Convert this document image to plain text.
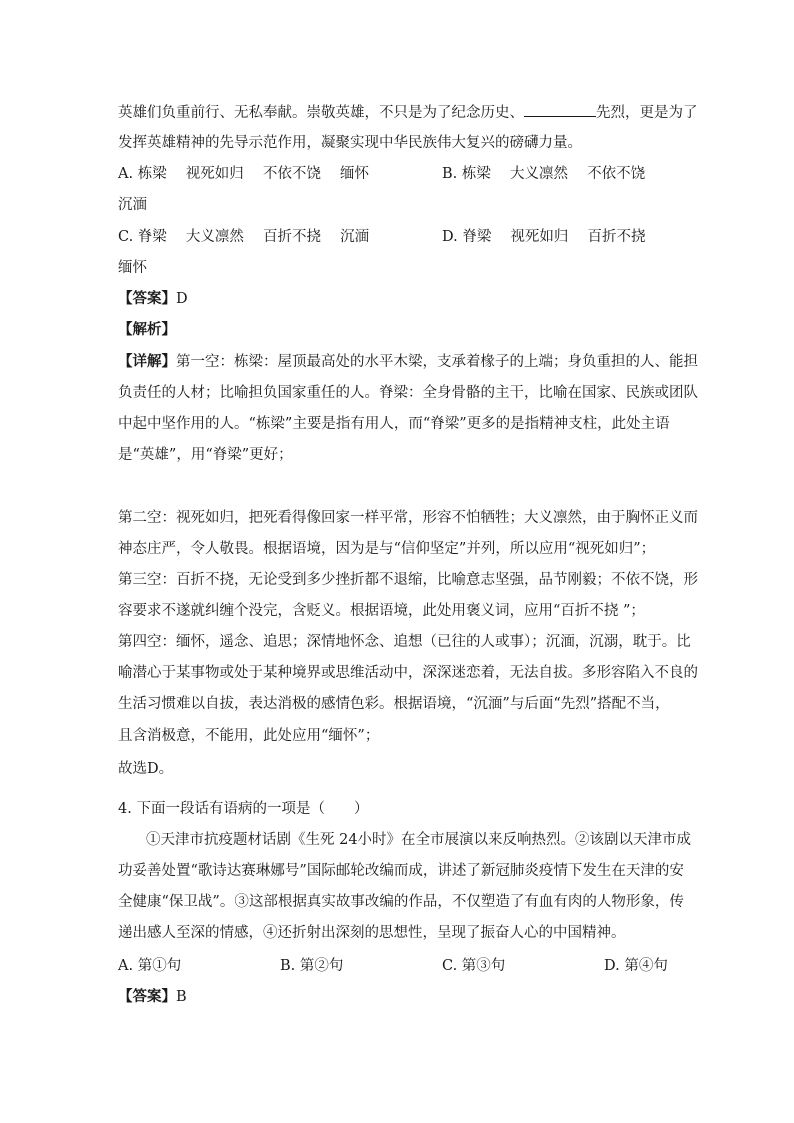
英雄们负重前行、无私奉献。崇敬英雄，不只是为了纪念历史、	先烈，更是为了
发挥英雄精神的先导示范作用，凝聚实现中华民族伟大复兴的磅礴力量。
A. 栋梁　 视死如归　 不依不饶　 缅怀	B. 栋梁　 大义凛然　 不依不饶
沉湎
C. 脊梁　 大义凛然　 百折不挠　 沉湎	D. 脊梁　 视死如归　 百折不挠
缅怀
【答案】D
【解析】
【详解】第一空：栋梁：屋顶最高处的水平木梁，支承着椽子的上端；身负重担的人、能担
负责任的人材；比喻担负国家重任的人。脊梁：全身骨骼的主干，比喻在国家、民族或团队
中起中坚作用的人。“栋梁”主要是指有用人，而“脊梁”更多的是指精神支柱，此处主语
是“英雄”，用“脊梁”更好；
第二空：视死如归，把死看得像回家一样平常，形容不怕牺牲；大义凛然，由于胸怀正义而
神态庄严，令人敬畏。根据语境，因为是与“信仰坚定”并列，所以应用“视死如归”；
第三空：百折不挠，无论受到多少挫折都不退缩，比喻意志坚强，品节刚毅；不依不饶，形
容要求不遂就纠缠个没完，含贬义。根据语境，此处用褒义词，应用“百折不挠 ”；
第四空：缅怀，遥念、追思；深情地怀念、追想（已往的人或事）；沉湎，沉溺，耽于。比
喻潜心于某事物或处于某种境界或思维活动中，深深迷恋着，无法自拔。多形容陷入不良的
生活习惯难以自拔，表达消极的感情色彩。根据语境，“沉湎”与后面“先烈”搭配不当，
且含消极意，不能用，此处应用“缅怀”；
故选D。
4. 下面一段话有语病的一项是（　　）
①天津市抗疫题材话剧《生死 24小时》在全市展演以来反响热烈。②该剧以天津市成
功妥善处置“歌诗达赛琳娜号”国际邮轮改编而成，讲述了新冠肺炎疫情下发生在天津的安
全健康“保卫战”。③这部根据真实故事改编的作品，不仅塑造了有血有肉的人物形象，传
递出感人至深的情感，④还折射出深刻的思想性，呈现了振奋人心的中国精神。
A. 第①句	B. 第②句	C. 第③句	D. 第④句
【答案】B
